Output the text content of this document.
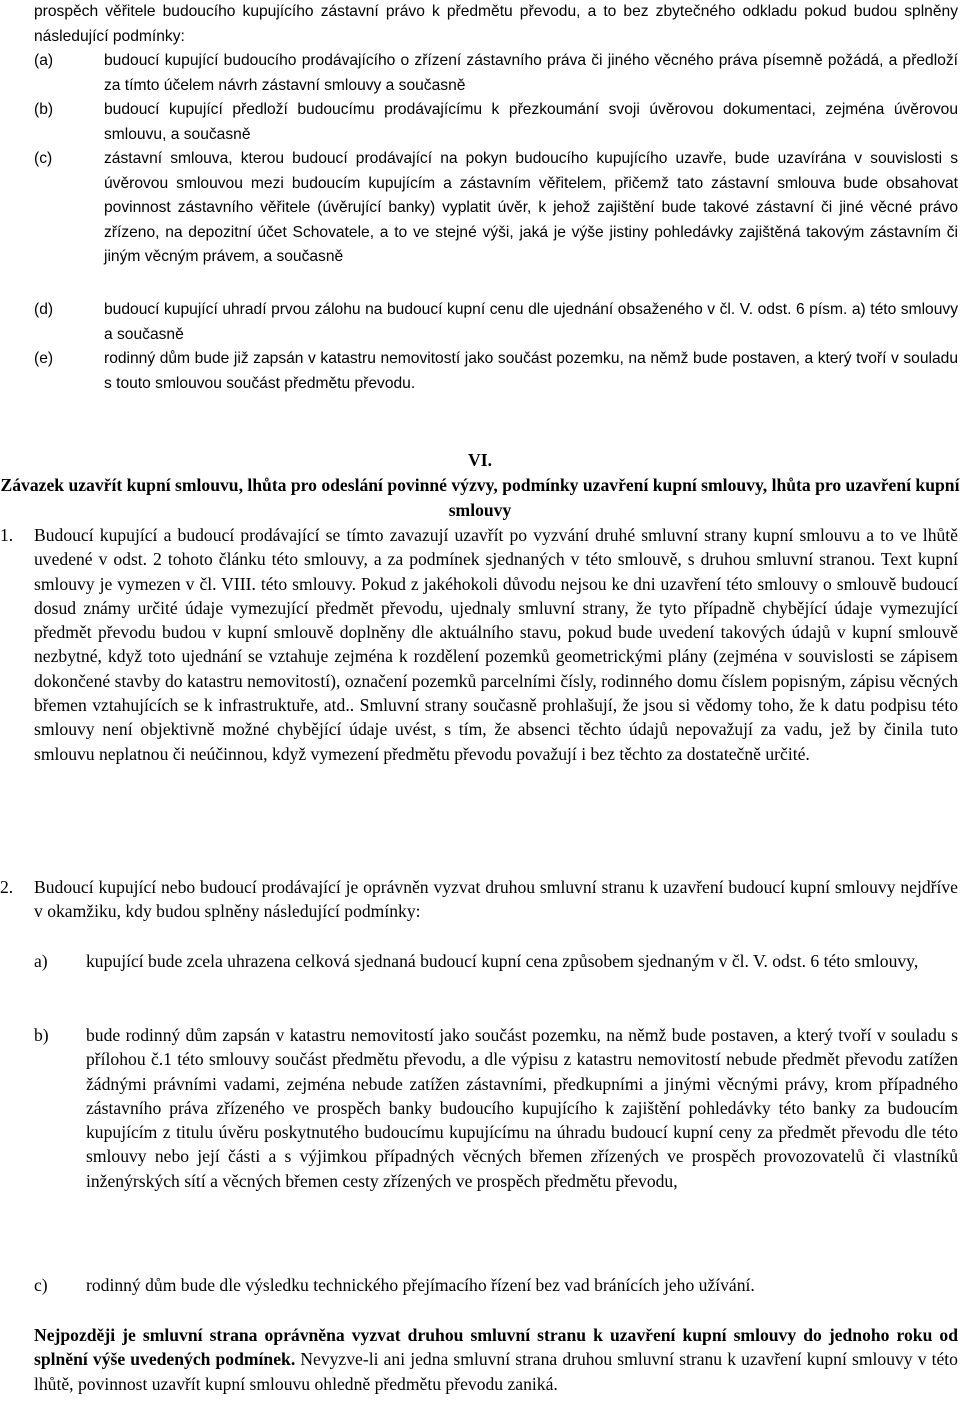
prospěch věřitele budoucího kupujícího zástavní právo k předmětu převodu, a to bez zbytečného odkladu pokud budou splněny následující podmínky:
(a)	budoucí kupující budoucího prodávajícího o zřízení zástavního práva či jiného věcného práva písemně požádá, a předloží za tímto účelem návrh zástavní smlouvy a současně
(b)	budoucí kupující předloží budoucímu prodávajícímu k přezkoumání svoji úvěrovou dokumentaci, zejména úvěrovou smlouvu, a současně
(c)	zástavní smlouva, kterou budoucí prodávající na pokyn budoucího kupujícího uzavře, bude uzavírána v souvislosti s úvěrovou smlouvou mezi budoucím kupujícím a zástavním věřitelem, přičemž tato zástavní smlouva bude obsahovat povinnost zástavního věřitele (úvěrující banky) vyplatit úvěr, k jehož zajištění bude takové zástavní či jiné věcné právo zřízeno, na depozitní účet Schovatele, a to ve stejné výši, jaká je výše jistiny pohledávky zajištěná takovým zástavním či jiným věcným právem, a současně
(d)	budoucí kupující uhradí prvou zálohu na budoucí kupní cenu dle ujednání obsaženého v čl. V. odst. 6 písm. a) této smlouvy a současně
(e)	rodinný dům bude již zapsán v katastru nemovitostí jako součást pozemku, na němž bude postaven, a který tvoří v souladu s touto smlouvou součást předmětu převodu.
VI.
Závazek uzavřít kupní smlouvu, lhůta pro odeslání povinné výzvy, podmínky uzavření kupní smlouvy, lhůta pro uzavření kupní smlouvy
1. Budoucí kupující a budoucí prodávající se tímto zavazují uzavřít po vyzvání druhé smluvní strany kupní smlouvu a to ve lhůtě uvedené v odst. 2 tohoto článku této smlouvy, a za podmínek sjednaných v této smlouvě, s druhou smluvní stranou. Text kupní smlouvy je vymezen v čl. VIII. této smlouvy. Pokud z jakéhokoli důvodu nejsou ke dni uzavření této smlouvy o smlouvě budoucí dosud známy určité údaje vymezující předmět převodu, ujednaly smluvní strany, že tyto případně chybějící údaje vymezující předmět převodu budou v kupní smlouvě doplněny dle aktuálního stavu, pokud bude uvedení takových údajů v kupní smlouvě nezbytné, když toto ujednání se vztahuje zejména k rozdělení pozemků geometrickými plány (zejména v souvislosti se zápisem dokončené stavby do katastru nemovitostí), označení pozemků parcelními čísly, rodinného domu číslem popisným, zápisu věcných břemen vztahujících se k infrastruktuře, atd.. Smluvní strany současně prohlašují, že jsou si vědomy toho, že k datu podpisu této smlouvy není objektivně možné chybějící údaje uvést, s tím, že absenci těchto údajů nepovažují za vadu, jež by činila tuto smlouvu neplatnou či neúčinnou, když vymezení předmětu převodu považují i bez těchto za dostatečně určité.
2. Budoucí kupující nebo budoucí prodávající je oprávněn vyzvat druhou smluvní stranu k uzavření budoucí kupní smlouvy nejdříve v okamžiku, kdy budou splněny následující podmínky:
a) kupující bude zcela uhrazena celková sjednaná budoucí kupní cena způsobem sjednaným v čl. V. odst. 6 této smlouvy,
b) bude rodinný dům zapsán v katastru nemovitostí jako součást pozemku, na němž bude postaven, a který tvoří v souladu s přílohou č.1 této smlouvy součást předmětu převodu, a dle výpisu z katastru nemovitostí nebude předmět převodu zatížen žádnými právními vadami, zejména nebude zatížen zástavními, předkupními a jinými věcnými právy, krom případného zástavního práva zřízeného ve prospěch banky budoucího kupujícího k zajištění pohledávky této banky za budoucím kupujícím z titulu úvěru poskytnutého budoucímu kupujícímu na úhradu budoucí kupní ceny za předmět převodu dle této smlouvy nebo její části a s výjimkou případných věcných břemen zřízených ve prospěch provozovatelů či vlastníků inženýrských sítí a věcných břemen cesty zřízených ve prospěch předmětu převodu,
c) rodinný dům bude dle výsledku technického přejímacího řízení bez vad bránících jeho užívání.
Nejpozději je smluvní strana oprávněna vyzvat druhou smluvní stranu k uzavření kupní smlouvy do jednoho roku od splnění výše uvedených podmínek. Nevyzve-li ani jedna smluvní strana druhou smluvní stranu k uzavření kupní smlouvy v této lhůtě, povinnost uzavřít kupní smlouvu ohledně předmětu převodu zaniká.
